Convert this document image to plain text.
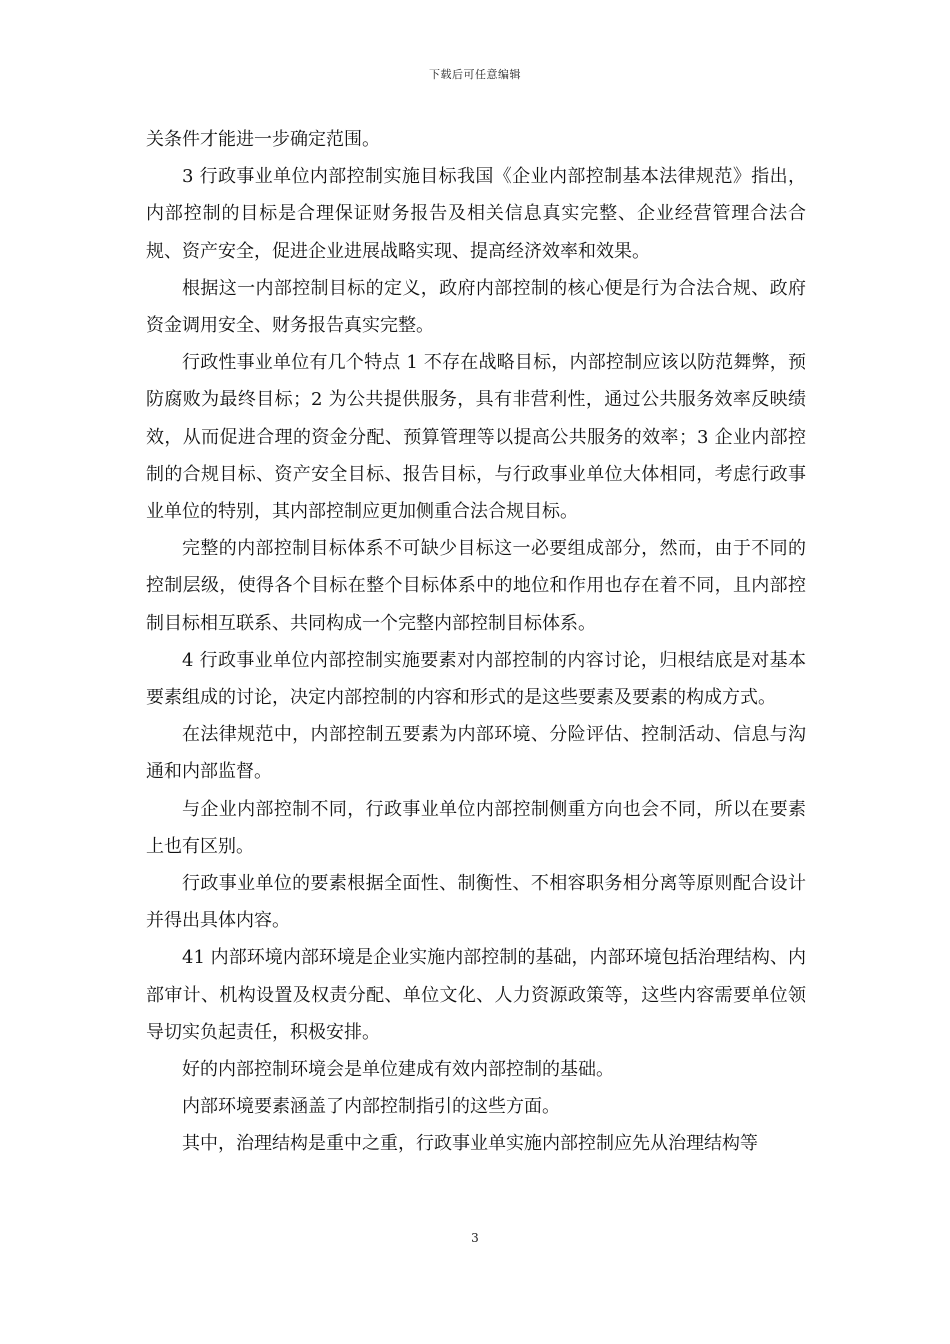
下载后可任意编辑

关条件才能进一步确定范围。

3 行政事业单位内部控制实施目标我国《企业内部控制基本法律规范》指出，内部控制的目标是合理保证财务报告及相关信息真实完整、企业经营管理合法合规、资产安全，促进企业进展战略实现、提高经济效率和效果。

根据这一内部控制目标的定义，政府内部控制的核心便是行为合法合规、政府资金调用安全、财务报告真实完整。

行政性事业单位有几个特点 1 不存在战略目标，内部控制应该以防范舞弊，预防腐败为最终目标；2 为公共提供服务，具有非营利性，通过公共服务效率反映绩效，从而促进合理的资金分配、预算管理等以提高公共服务的效率；3 企业内部控制的合规目标、资产安全目标、报告目标，与行政事业单位大体相同，考虑行政事业单位的特别，其内部控制应更加侧重合法合规目标。

完整的内部控制目标体系不可缺少目标这一必要组成部分，然而，由于不同的控制层级，使得各个目标在整个目标体系中的地位和作用也存在着不同，且内部控制目标相互联系、共同构成一个完整内部控制目标体系。

4 行政事业单位内部控制实施要素对内部控制的内容讨论，归根结底是对基本要素组成的讨论，决定内部控制的内容和形式的是这些要素及要素的构成方式。

在法律规范中，内部控制五要素为内部环境、分险评估、控制活动、信息与沟通和内部监督。

与企业内部控制不同，行政事业单位内部控制侧重方向也会不同，所以在要素上也有区别。

行政事业单位的要素根据全面性、制衡性、不相容职务相分离等原则配合设计并得出具体内容。

41 内部环境内部环境是企业实施内部控制的基础，内部环境包括治理结构、内部审计、机构设置及权责分配、单位文化、人力资源政策等，这些内容需要单位领导切实负起责任，积极安排。

好的内部控制环境会是单位建成有效内部控制的基础。

内部环境要素涵盖了内部控制指引的这些方面。

其中，治理结构是重中之重，行政事业单实施内部控制应先从治理结构等

3
